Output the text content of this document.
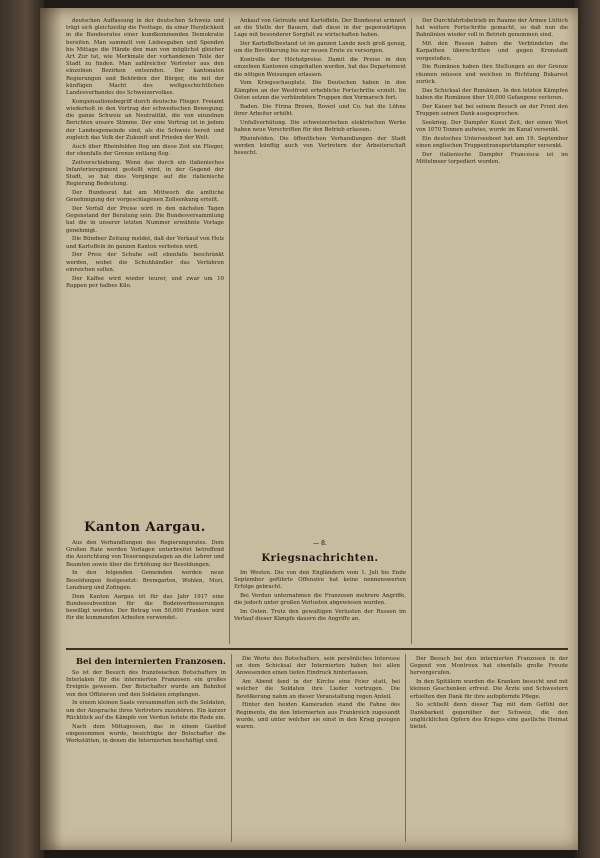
deutschen Auffassung in der deutschen Schweiz und trägt sich gleichzeitig die Festtage, da einer Herzlichkeit in die Bundesrates einer kundkommenden Demokratie bereiten. Man sammelt von Liebesgaben und Spenden bis Mittage die Hände den man von möglichst gleicher Art Zur tat, wie Merkmale der vorhandenen Teile der Stadt zu finden. Man zahlreicher Vertreter aus den einzelnen Bezirken entsenden. Der kantonalen Regierungen und Behörden der Bürger, die mit der künftigen Macht des weltgeschichtlichen Landesverbandes des Schweizervolkes.

Kompensationsbegriff durch deutsche Flieger. Freiamt wiederholt in den Vortrag der schwedischen Bewegung; die ganze Schweiz an Neutralität, die von einzelnen Berichten unsere Stimme. Der eine Vortrag ist in jedem der Landesgemeinde sind, als die Schweiz bereit und zugleich das Volk der Zukunft und Frieden der Welt.

Auch über Rheinfelden flog um diese Zeit ein Flieger, der ebenfalls der Grenze entlang flog.

Zeitverschiebung. Wenn das durch ein italienisches Infanterieregiment gestellt wird, in der Gegend der Stadt, so hat dies Vorgänge auf die italienische Regierung Bedeutung.

Der Bundesrat hat am Mittwoch die amtliche Genehmigung der vorgeschlagenen Zollsenkung erteilt.

Der Verfall der Preise wird in den nächsten Tagen Gegenstand der Beratung sein. Die Bundesversammlung hat die in unserer letzten Nummer erwähnte Vorlage genehmigt.

Die Bündner Zeitung meldet, daß der Verkauf von Holz und Kartoffeln im ganzen Kanton verboten wird.

Der Preis der Schuhe soll ebenfalls beschränkt werden, wobei die Schuhhändler das Verfahren einreichen sollen.

Der Kaffee wird wieder teurer, und zwar um 10 Rappen per halbes Kilo.

Kanton Aargau.

Aus den Verhandlungen des Regierungsrates. Dem Großen Rate werden Vorlagen unterbreitet betreffend die Ausrichtung von Teuerungszulagen an die Lehrer und Beamten sowie über die Erhöhung der Besoldungen.

In den folgenden Gemeinden werden neue Besoldungen festgesetzt: Bremgarten, Wohlen, Muri, Lenzburg und Zofingen.

Dem Kanton Aargau ist für das Jahr 1917 eine Bundessubvention für die Bodenverbesserungen bewilligt worden. Der Betrag von 50,000 Franken wird für die kommenden Arbeiten verwendet.

Ankauf von Getreide und Kartoffeln. Der Bundesrat erinnert an die Stelle der Bauern, daß diese in der gegenwärtigen Lage mit besonderer Sorgfalt zu wirtschaften haben.

Der Kartoffelbestand ist im ganzen Lande noch groß genug, um die Bevölkerung bis zur neuen Ernte zu versorgen.

Kontrolle der Höchstpreise. Damit die Preise in den einzelnen Kantonen eingehalten werden, hat das Departement die nötigen Weisungen erlassen.

Vom Kriegsschauplatz. Die Deutschen haben in den Kämpfen an der Westfront erhebliche Fortschritte erzielt. Im Osten setzen die verbündeten Truppen den Vormarsch fort.

Baden. Die Firma Brown, Boveri und Co. hat die Löhne ihrer Arbeiter erhöht.

Unfallverhütung. Die schweizerischen elektrischen Werke haben neue Vorschriften für den Betrieb erlassen.

Rheinfelden. Die öffentlichen Verhandlungen der Stadt werden künftig auch von Vertretern der Arbeiterschaft besucht.

— 8.
Kriegsnachrichten.

Im Westen. Die von den Engländern vom 1. Juli bis Ende September geführte Offensive hat keine nennenswerten Erfolge gebracht.

Bei Verdun unternahmen die Franzosen mehrere Angriffe, die jedoch unter großen Verlusten abgewiesen wurden.

Im Osten. Trotz den gewaltigen Verlusten der Russen im Verlauf dieser Kämpfe dauern die Angriffe an.

Der Durchfahrtsbetrieb im Raume der Armee Lüttich hat weitere Fortschritte gemacht, so daß nun die Bahnlinien wieder voll in Betrieb genommen sind.

Mit den Russen haben die Verbündeten die Karpathen überschritten und gegen Kronstadt vorgestoßen.

Die Rumänen haben ihre Stellungen an der Grenze räumen müssen und weichen in Richtung Bukarest zurück.

Das Schicksal der Rumänen. In den letzten Kämpfen haben die Rumänen über 10,000 Gefangene verloren.

Der Kaiser hat bei seinem Besuch an der Front den Truppen seinen Dank ausgesprochen.

Seekrieg. Der Dampfer Kunst Zeit, der einen Wert von 1070 Tonnen aufwies, wurde im Kanal versenkt.

Ein deutsches Unterseeboot hat am 19. September einen englischen Truppentransportdampfer versenkt.

Der italienische Dampfer Francesca ist im Mittelmeer torpediert worden.

Bei den internierten Franzosen.

So ist der Besuch des französischen Botschafters in Interlaken für die internierten Franzosen ein großes Ereignis gewesen. Der Botschafter wurde am Bahnhof von den Offizieren und den Soldaten empfangen.

In einem kleinen Saale versammelten sich die Soldaten, um der Ansprache ihres Vertreters zuzuhören. Ein kurzer Rückblick auf die Kämpfe von Verdun leitete die Rede ein.

Nach dem Mittagessen, das in einem Gasthof eingenommen wurde, besichtigte der Botschafter die Werkstätten, in denen die Internierten beschäftigt sind.

Die Worte des Botschafters, sein persönliches Interesse an dem Schicksal der Internierten haben bei allen Anwesenden einen tiefen Eindruck hinterlassen.

Am Abend fand in der Kirche eine Feier statt, bei welcher die Soldaten ihre Lieder vortrugen. Die Bevölkerung nahm an dieser Veranstaltung regen Anteil.

Hinter den beiden Kameraden stand die Fahne des Regiments, die den Internierten aus Frankreich zugesandt wurde, und unter welcher sie einst in den Krieg gezogen waren.

Der Besuch bei den internierten Franzosen in der Gegend von Montreux hat ebenfalls große Freude hervorgerufen.

In den Spitälern wurden die Kranken besucht und mit kleinen Geschenken erfreut. Die Ärzte und Schwestern erhielten den Dank für ihre aufopfernde Pflege.

So schließt denn dieser Tag mit dem Gefühl der Dankbarkeit gegenüber der Schweiz, die den unglücklichen Opfern des Krieges eine gastliche Heimat bietet.
